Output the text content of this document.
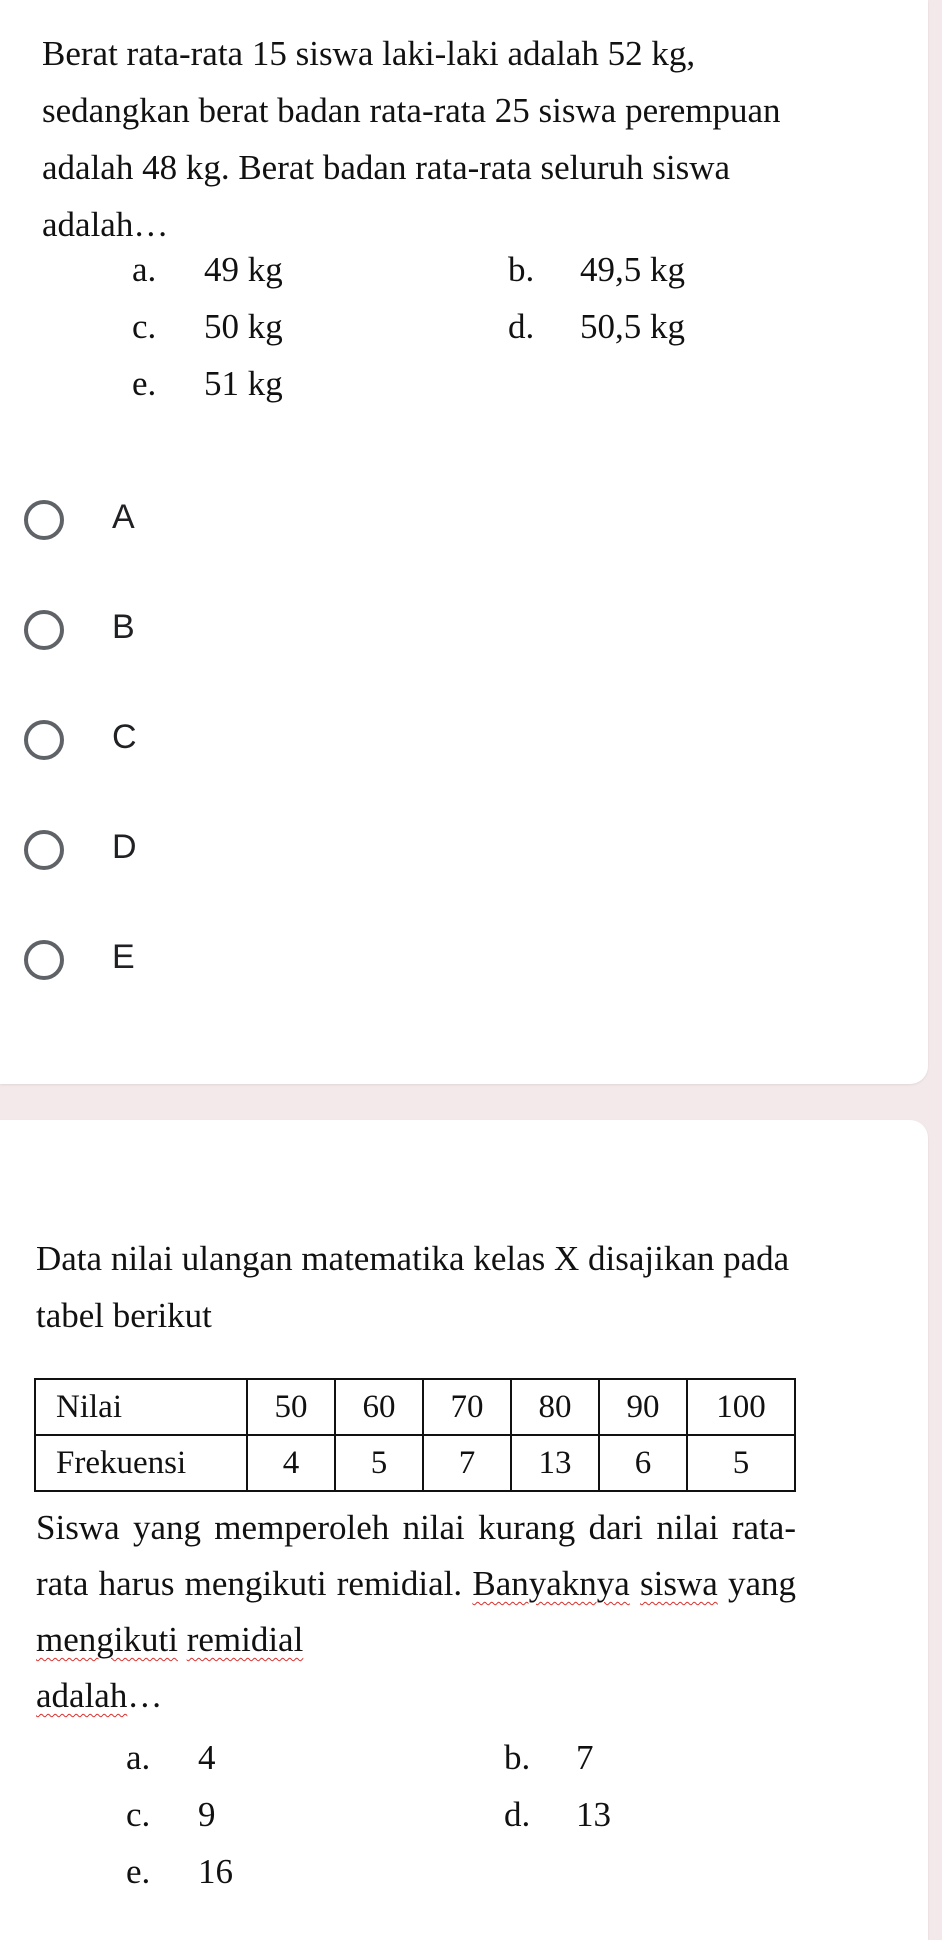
Berat rata-rata 15 siswa laki-laki adalah 52 kg, sedangkan berat badan rata-rata 25 siswa perempuan adalah 48 kg. Berat badan rata-rata seluruh siswa adalah…
a. 49 kg	b. 49,5 kg
c. 50 kg	d. 50,5 kg
e. 51 kg
A
B
C
D
E
Data nilai ulangan matematika kelas X disajikan pada tabel berikut
Nilai	50	60	70	80	90	100
Frekuensi	4	5	7	13	6	5
Siswa yang memperoleh nilai kurang dari nilai rata-rata harus mengikuti remidial. Banyaknya siswa yang mengikuti remidial
adalah…
a. 4	b. 7
c. 9	d. 13
e. 16
